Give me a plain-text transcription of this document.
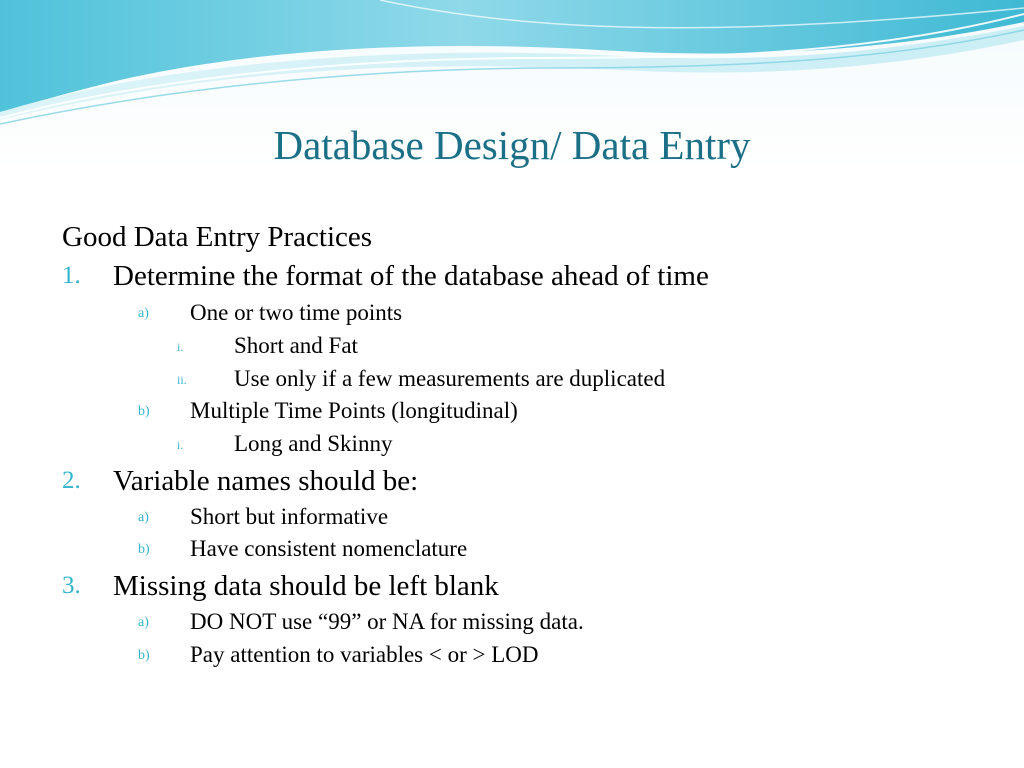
Database Design/ Data Entry
Good Data Entry Practices
1. Determine the format of the database ahead of time
a) One or two time points
i. Short and Fat
ii. Use only if a few measurements are duplicated
b) Multiple Time Points (longitudinal)
i. Long and Skinny
2. Variable names should be:
a) Short but informative
b) Have consistent nomenclature
3. Missing data should be left blank
a) DO NOT use “99” or NA for missing data.
b) Pay attention to variables < or > LOD
